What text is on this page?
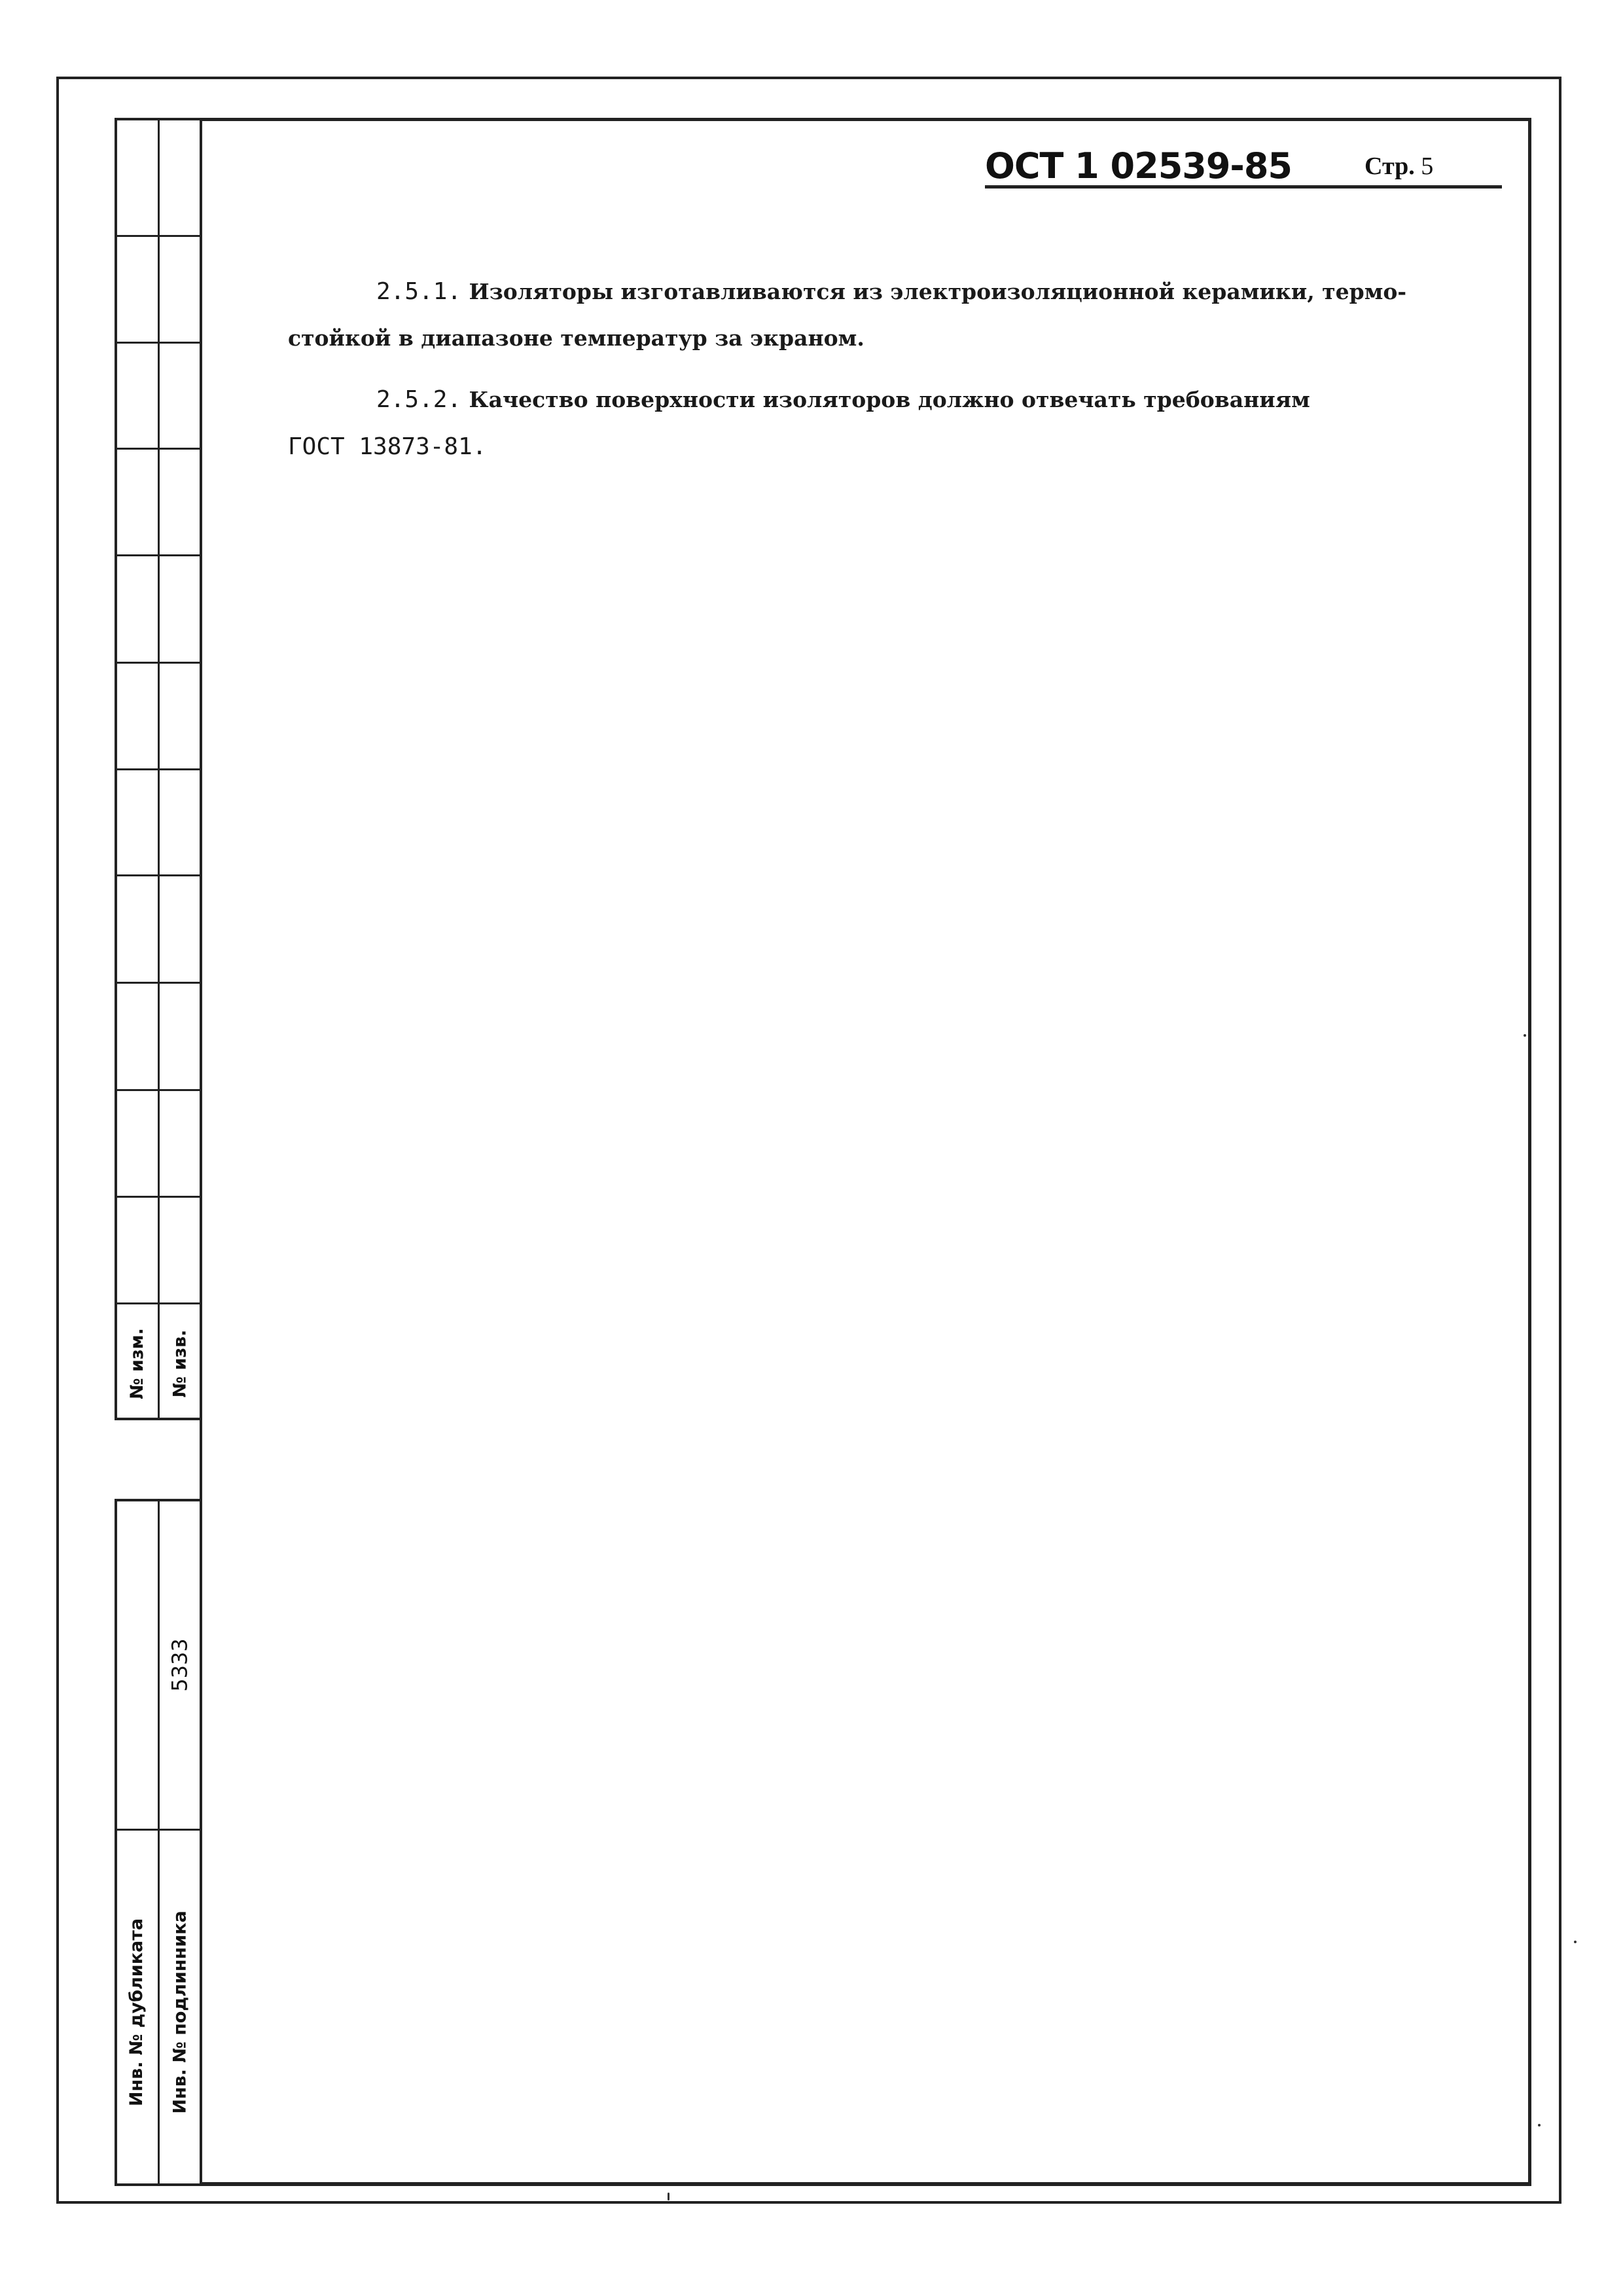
№ изм. № изв.
5333
Инв. № дубликата Инв. № подлинника
ОСТ 1 02539-85	Стр. 5
2.5.1. Изоляторы изготавливаются из электроизоляционной керамики, термо-
стойкой в диапазоне температур за экраном.
2.5.2. Качество поверхности изоляторов должно отвечать требованиям
ГОСТ 13873-81.
